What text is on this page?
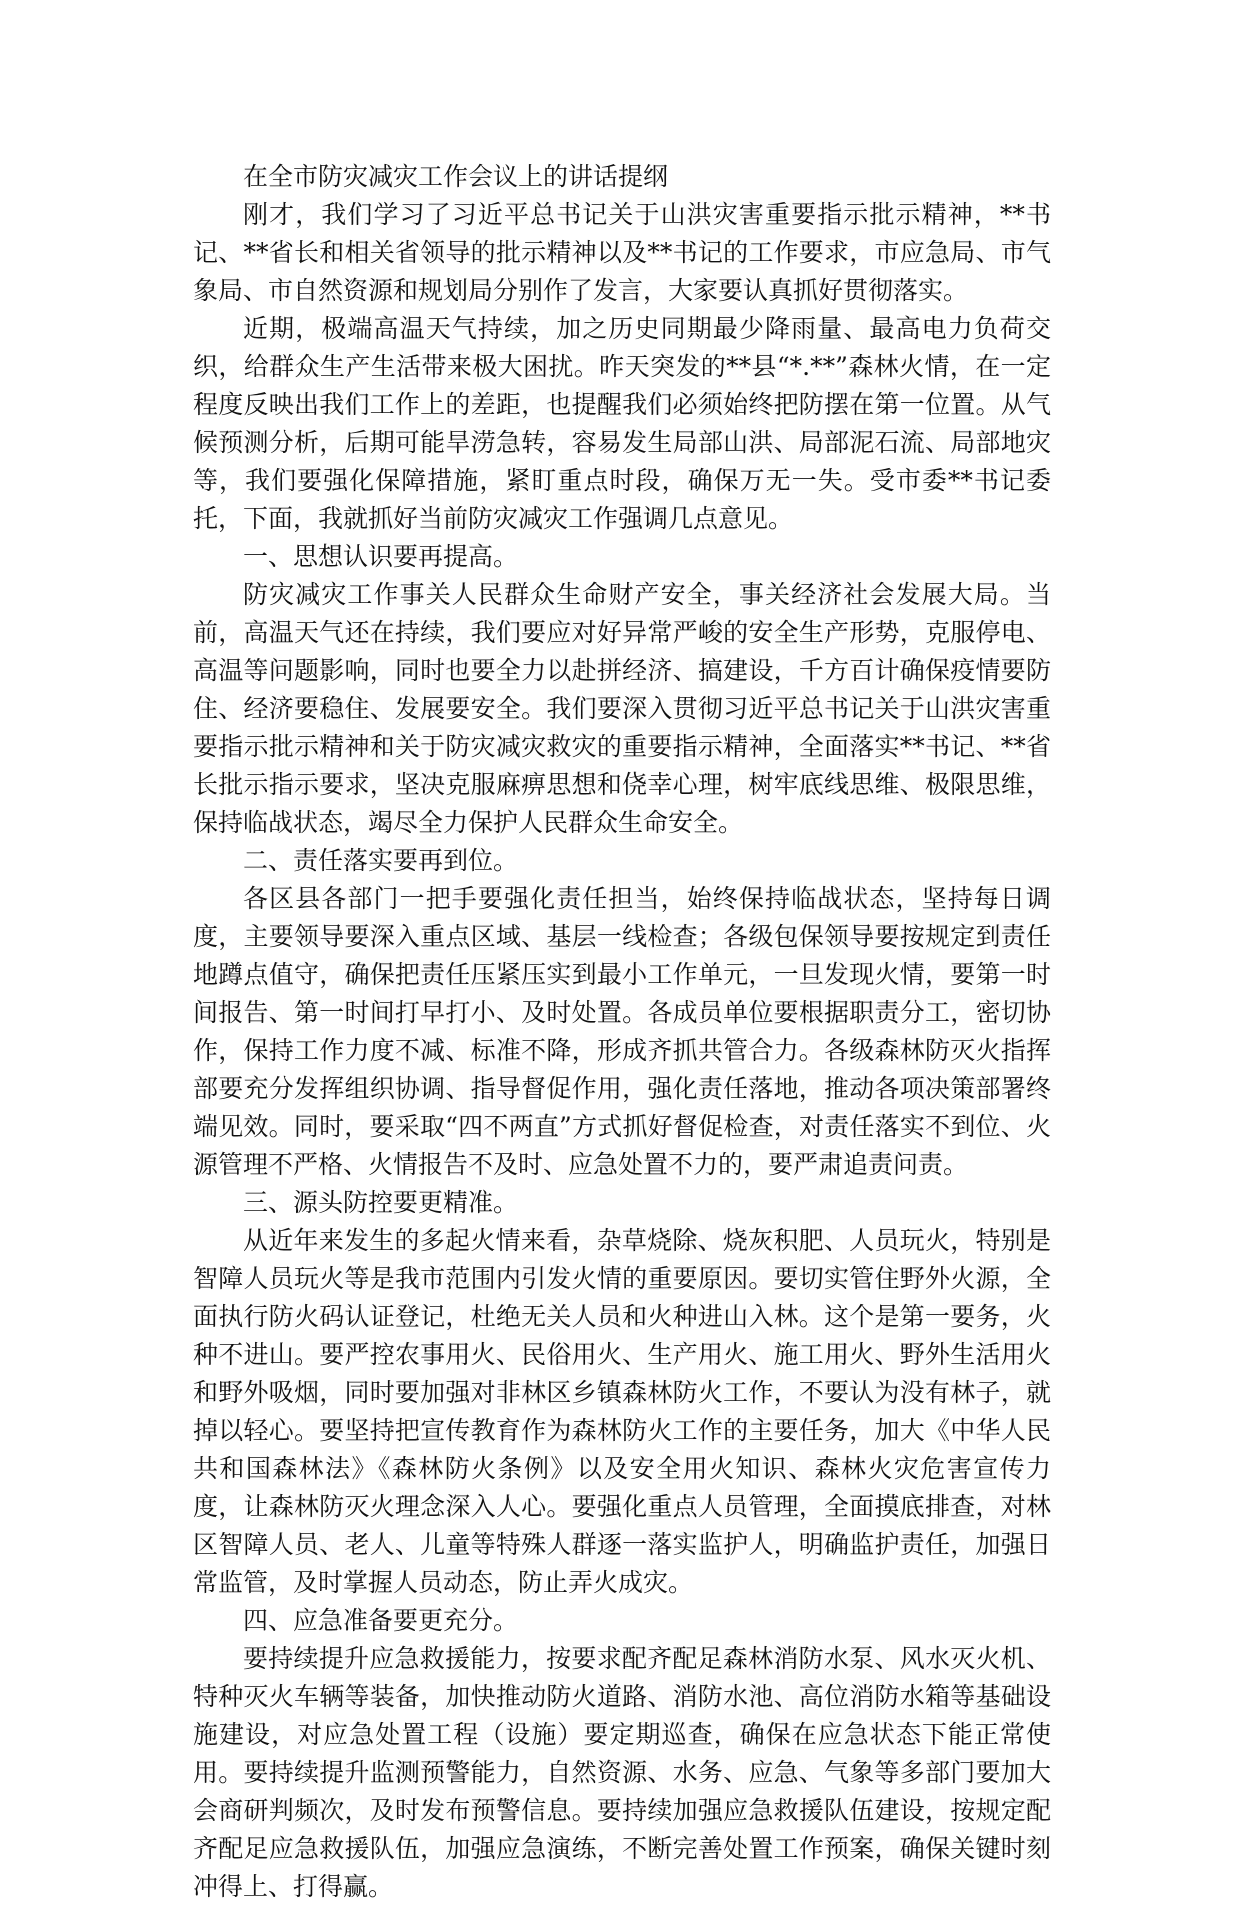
在全市防灾减灾工作会议上的讲话提纲

刚才，我们学习了习近平总书记关于山洪灾害重要指示批示精神，**书记、**省长和相关省领导的批示精神以及**书记的工作要求，市应急局、市气象局、市自然资源和规划局分别作了发言，大家要认真抓好贯彻落实。

近期，极端高温天气持续，加之历史同期最少降雨量、最高电力负荷交织，给群众生产生活带来极大困扰。昨天突发的**县“*.**”森林火情，在一定程度反映出我们工作上的差距，也提醒我们必须始终把防摆在第一位置。从气候预测分析，后期可能旱涝急转，容易发生局部山洪、局部泥石流、局部地灾等，我们要强化保障措施，紧盯重点时段，确保万无一失。受市委**书记委托，下面，我就抓好当前防灾减灾工作强调几点意见。

一、思想认识要再提高。

防灾减灾工作事关人民群众生命财产安全，事关经济社会发展大局。当前，高温天气还在持续，我们要应对好异常严峻的安全生产形势，克服停电、高温等问题影响，同时也要全力以赴拼经济、搞建设，千方百计确保疫情要防住、经济要稳住、发展要安全。我们要深入贯彻习近平总书记关于山洪灾害重要指示批示精神和关于防灾减灾救灾的重要指示精神，全面落实**书记、**省长批示指示要求，坚决克服麻痹思想和侥幸心理，树牢底线思维、极限思维，保持临战状态，竭尽全力保护人民群众生命安全。

二、责任落实要再到位。

各区县各部门一把手要强化责任担当，始终保持临战状态，坚持每日调度，主要领导要深入重点区域、基层一线检查；各级包保领导要按规定到责任地蹲点值守，确保把责任压紧压实到最小工作单元，一旦发现火情，要第一时间报告、第一时间打早打小、及时处置。各成员单位要根据职责分工，密切协作，保持工作力度不减、标准不降，形成齐抓共管合力。各级森林防灭火指挥部要充分发挥组织协调、指导督促作用，强化责任落地，推动各项决策部署终端见效。同时，要采取“四不两直”方式抓好督促检查，对责任落实不到位、火源管理不严格、火情报告不及时、应急处置不力的，要严肃追责问责。

三、源头防控要更精准。

从近年来发生的多起火情来看，杂草烧除、烧灰积肥、人员玩火，特别是智障人员玩火等是我市范围内引发火情的重要原因。要切实管住野外火源，全面执行防火码认证登记，杜绝无关人员和火种进山入林。这个是第一要务，火种不进山。要严控农事用火、民俗用火、生产用火、施工用火、野外生活用火和野外吸烟，同时要加强对非林区乡镇森林防火工作，不要认为没有林子，就掉以轻心。要坚持把宣传教育作为森林防火工作的主要任务，加大《中华人民共和国森林法》《森林防火条例》以及安全用火知识、森林火灾危害宣传力度，让森林防灭火理念深入人心。要强化重点人员管理，全面摸底排查，对林区智障人员、老人、儿童等特殊人群逐一落实监护人，明确监护责任，加强日常监管，及时掌握人员动态，防止弄火成灾。

四、应急准备要更充分。

要持续提升应急救援能力，按要求配齐配足森林消防水泵、风水灭火机、特种灭火车辆等装备，加快推动防火道路、消防水池、高位消防水箱等基础设施建设，对应急处置工程（设施）要定期巡查，确保在应急状态下能正常使用。要持续提升监测预警能力，自然资源、水务、应急、气象等多部门要加大会商研判频次，及时发布预警信息。要持续加强应急救援队伍建设，按规定配齐配足应急救援队伍，加强应急演练，不断完善处置工作预案，确保关键时刻冲得上、打得赢。
